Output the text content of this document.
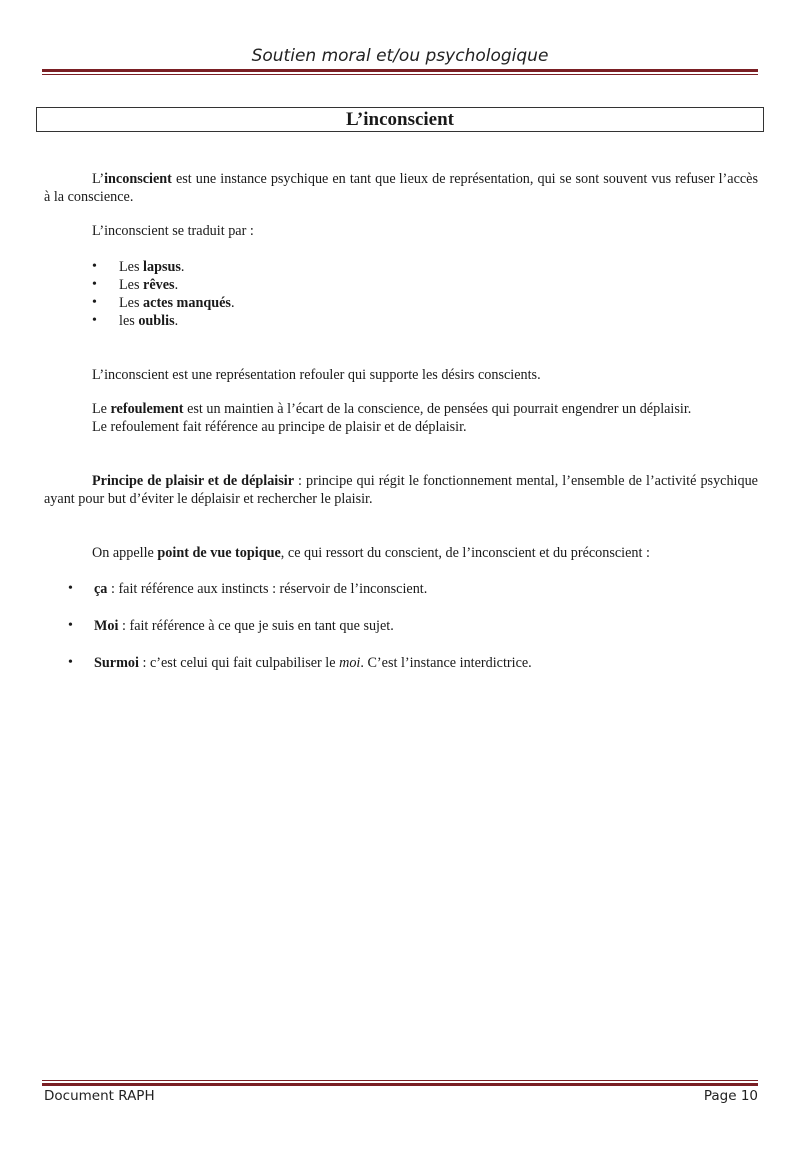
Soutien moral et/ou psychologique
L’inconscient

L’inconscient est une instance psychique en tant que lieux de représentation, qui se sont souvent vus refuser l’accès à la conscience.

L’inconscient se traduit par :

• Les lapsus.
• Les rêves.
• Les actes manqués.
• les oublis.

L’inconscient est une représentation refouler qui supporte les désirs conscients.

Le refoulement est un maintien à l’écart de la conscience, de pensées qui pourrait engendrer un déplaisir.
Le refoulement fait référence au principe de plaisir et de déplaisir.

Principe de plaisir et de déplaisir : principe qui régit le fonctionnement mental, l’ensemble de l’activité psychique ayant pour but d’éviter le déplaisir et rechercher le plaisir.

On appelle point de vue topique, ce qui ressort du conscient, de l’inconscient et du préconscient :

• ça : fait référence aux instincts : réservoir de l’inconscient.
• Moi : fait référence à ce que je suis en tant que sujet.
• Surmoi : c’est celui qui fait culpabiliser le moi. C’est l’instance interdictrice.
Document RAPH	Page 10
